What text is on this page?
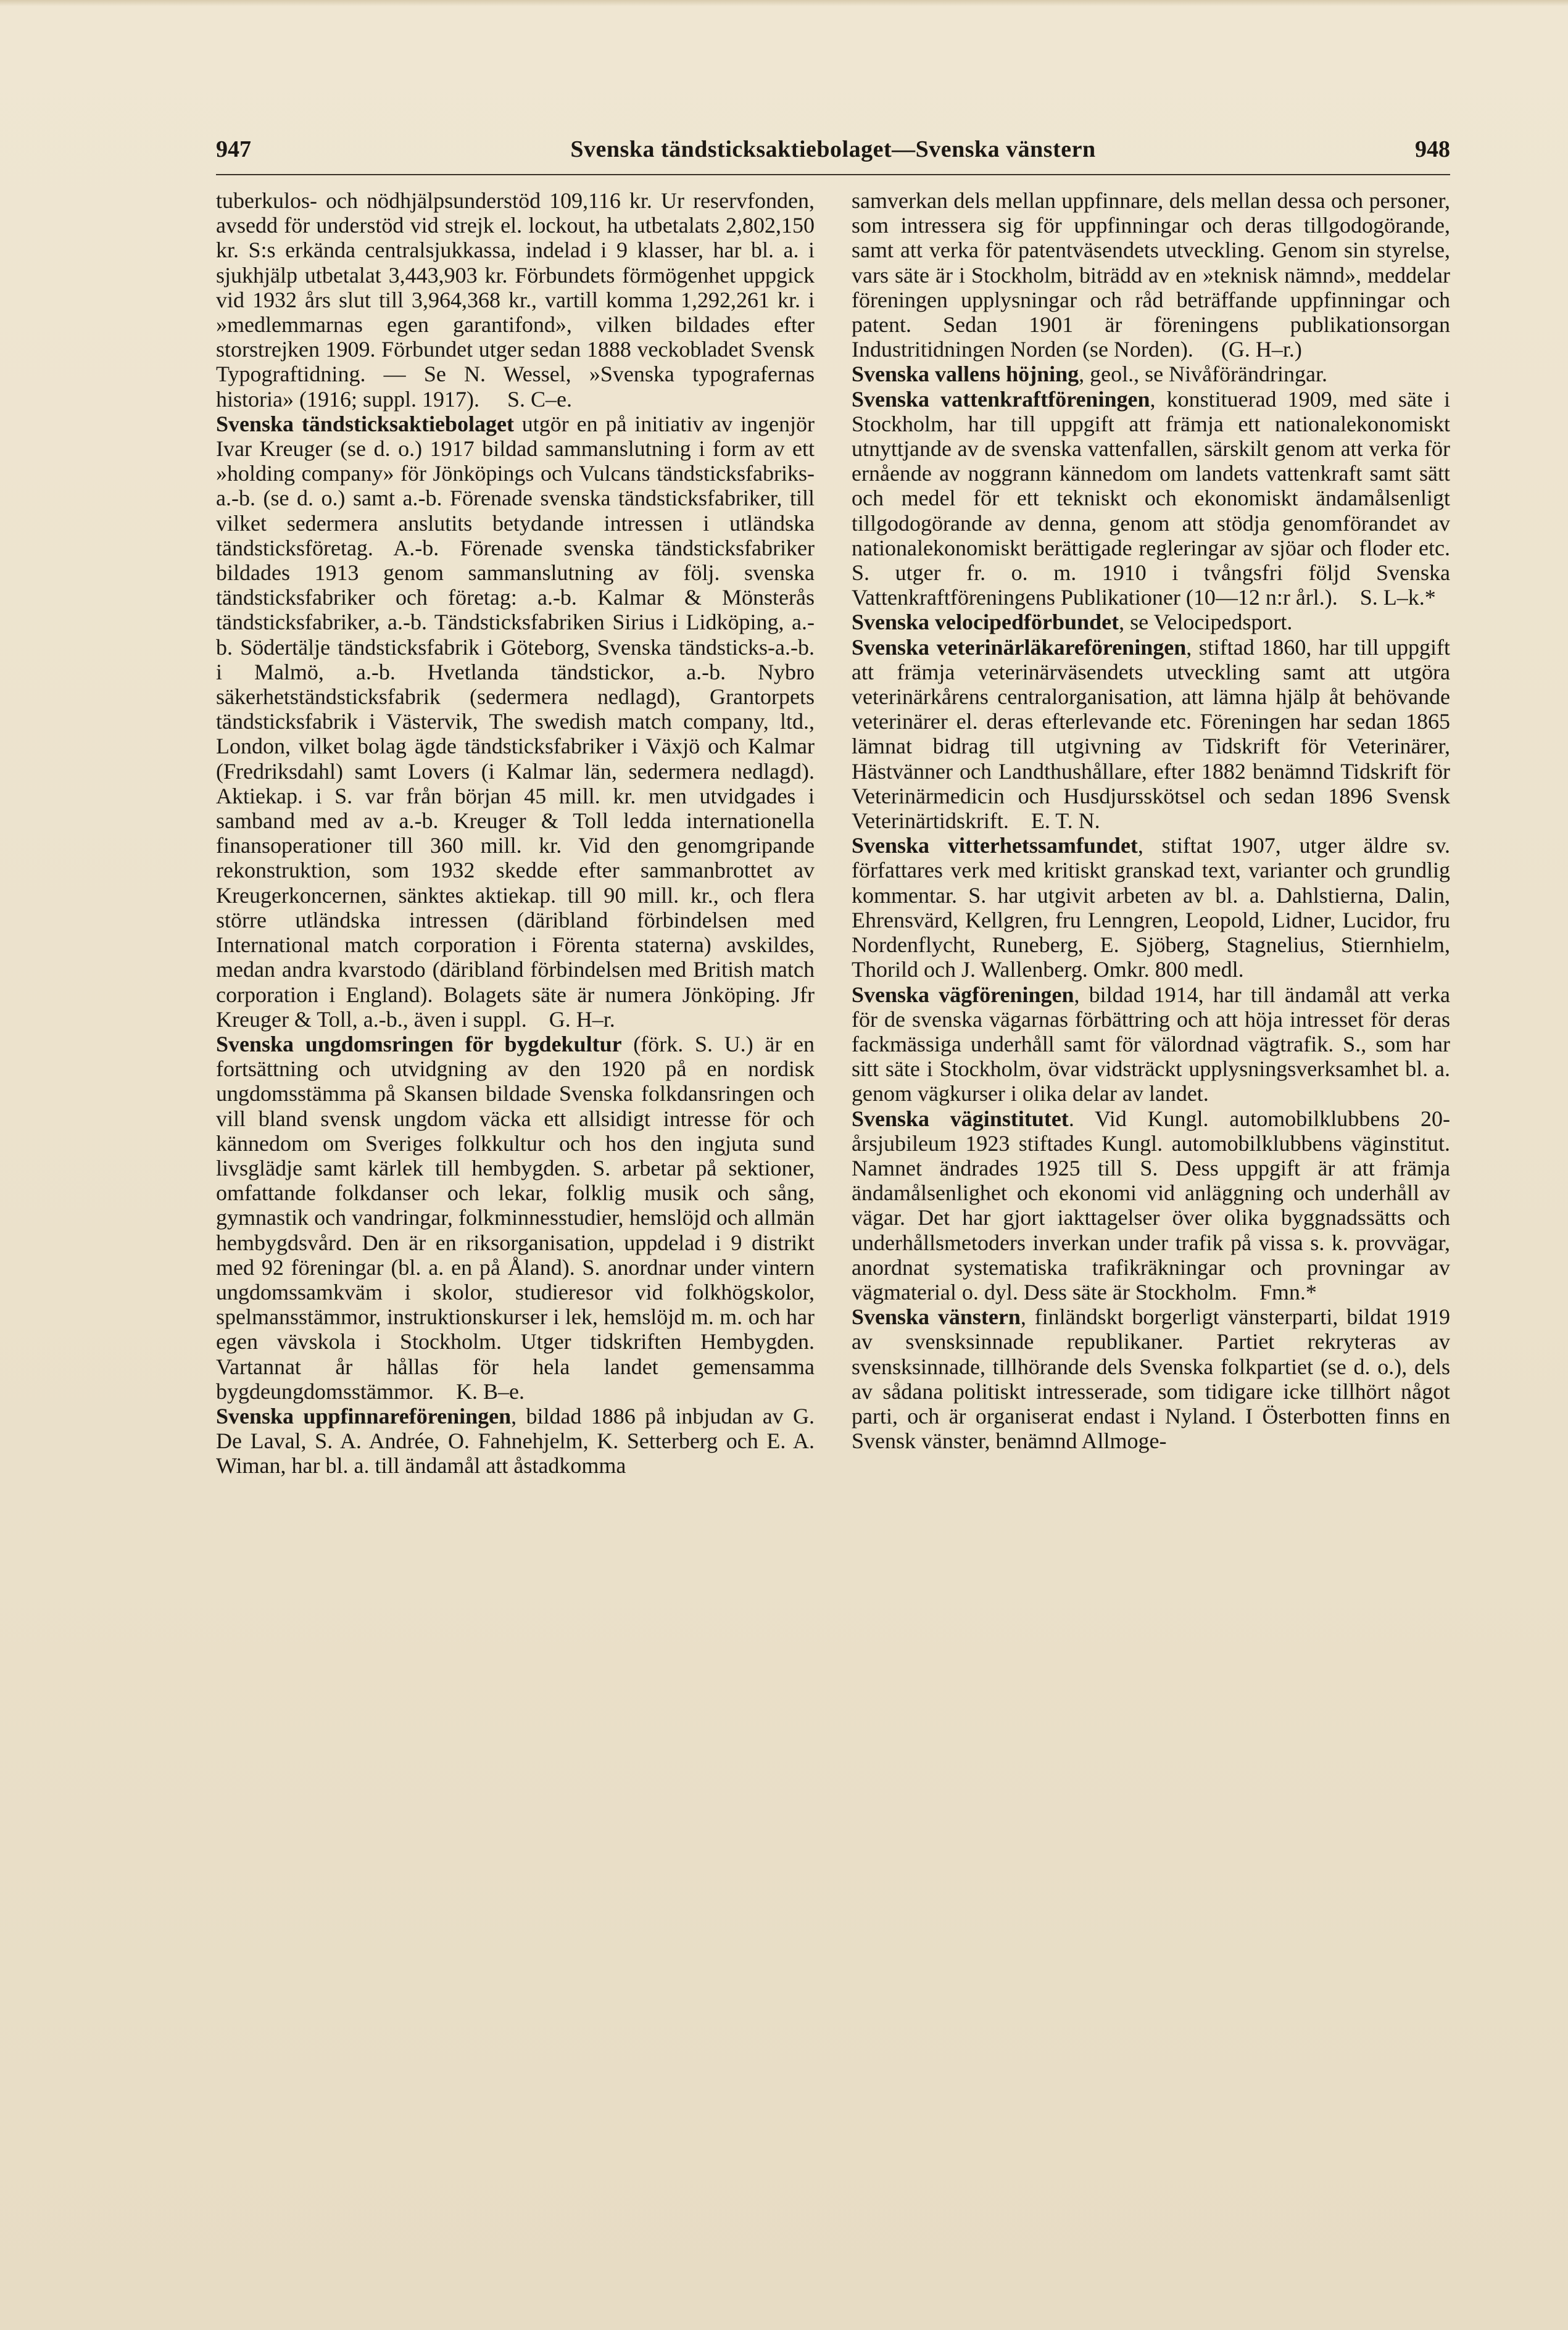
947	Svenska tändsticksaktiebolaget—Svenska vänstern	948

tuberkulos- och nödhjälpsunderstöd 109,116 kr. Ur reservfonden, avsedd för understöd vid strejk el. lockout, ha utbetalats 2,802,150 kr. S:s erkända centralsjukkassa, indelad i 9 klasser, har bl. a. i sjukhjälp utbetalat 3,443,903 kr. Förbundets förmögenhet uppgick vid 1932 års slut till 3,964,368 kr., vartill komma 1,292,261 kr. i »medlemmarnas egen garantifond», vilken bildades efter storstrejken 1909. Förbundet utger sedan 1888 veckobladet Svensk Typograftidning. — Se N. Wessel, »Svenska typografernas historia» (1916; suppl. 1917). S. C–e.

Svenska tändsticksaktiebolaget utgör en på initiativ av ingenjör Ivar Kreuger (se d. o.) 1917 bildad sammanslutning i form av ett »holding company» för Jönköpings och Vulcans tändsticksfabriks-a.-b. (se d. o.) samt a.-b. Förenade svenska tändsticksfabriker, till vilket sedermera anslutits betydande intressen i utländska tändsticksföretag. A.-b. Förenade svenska tändsticksfabriker bildades 1913 genom sammanslutning av följ. svenska tändsticksfabriker och företag: a.-b. Kalmar & Mönsterås tändsticksfabriker, a.-b. Tändsticksfabriken Sirius i Lidköping, a.-b. Södertälje tändsticksfabrik i Göteborg, Svenska tändsticks-a.-b. i Malmö, a.-b. Hvetlanda tändstickor, a.-b. Nybro säkerhetständsticksfabrik (sedermera nedlagd), Grantorpets tändsticksfabrik i Västervik, The swedish match company, ltd., London, vilket bolag ägde tändsticksfabriker i Växjö och Kalmar (Fredriksdahl) samt Lovers (i Kalmar län, sedermera nedlagd). Aktiekap. i S. var från början 45 mill. kr. men utvidgades i samband med av a.-b. Kreuger & Toll ledda internationella finansoperationer till 360 mill. kr. Vid den genomgripande rekonstruktion, som 1932 skedde efter sammanbrottet av Kreugerkoncernen, sänktes aktiekap. till 90 mill. kr., och flera större utländska intressen (däribland förbindelsen med International match corporation i Förenta staterna) avskildes, medan andra kvarstodo (däribland förbindelsen med British match corporation i England). Bolagets säte är numera Jönköping. Jfr Kreuger & Toll, a.-b., även i suppl. G. H–r.

Svenska ungdomsringen för bygdekultur (förk. S. U.) är en fortsättning och utvidgning av den 1920 på en nordisk ungdomsstämma på Skansen bildade Svenska folkdansringen och vill bland svensk ungdom väcka ett allsidigt intresse för och kännedom om Sveriges folkkultur och hos den ingjuta sund livsglädje samt kärlek till hembygden. S. arbetar på sektioner, omfattande folkdanser och lekar, folklig musik och sång, gymnastik och vandringar, folkminnesstudier, hemslöjd och allmän hembygdsvård. Den är en riksorganisation, uppdelad i 9 distrikt med 92 föreningar (bl. a. en på Åland). S. anordnar under vintern ungdomssamkväm i skolor, studieresor vid folkhögskolor, spelmansstämmor, instruktionskurser i lek, hemslöjd m. m. och har egen vävskola i Stockholm. Utger tidskriften Hembygden. Vartannat år hållas för hela landet gemensamma bygdeungdomsstämmor. K. B–e.

Svenska uppfinnareföreningen, bildad 1886 på inbjudan av G. De Laval, S. A. Andrée, O. Fahnehjelm, K. Setterberg och E. A. Wiman, har bl. a. till ändamål att åstadkomma

samverkan dels mellan uppfinnare, dels mellan dessa och personer, som intressera sig för uppfinningar och deras tillgodogörande, samt att verka för patentväsendets utveckling. Genom sin styrelse, vars säte är i Stockholm, biträdd av en »teknisk nämnd», meddelar föreningen upplysningar och råd beträffande uppfinningar och patent. Sedan 1901 är föreningens publikationsorgan Industritidningen Norden (se Norden). (G. H–r.)

Svenska vallens höjning, geol., se Nivåförändringar.

Svenska vattenkraftföreningen, konstituerad 1909, med säte i Stockholm, har till uppgift att främja ett nationalekonomiskt utnyttjande av de svenska vattenfallen, särskilt genom att verka för ernående av noggrann kännedom om landets vattenkraft samt sätt och medel för ett tekniskt och ekonomiskt ändamålsenligt tillgodogörande av denna, genom att stödja genomförandet av nationalekonomiskt berättigade regleringar av sjöar och floder etc. S. utger fr. o. m. 1910 i tvångsfri följd Svenska Vattenkraftföreningens Publikationer (10—12 n:r årl.). S. L–k.*

Svenska velocipedförbundet, se Velocipedsport.

Svenska veterinärläkareföreningen, stiftad 1860, har till uppgift att främja veterinärväsendets utveckling samt att utgöra veterinärkårens centralorganisation, att lämna hjälp åt behövande veterinärer el. deras efterlevande etc. Föreningen har sedan 1865 lämnat bidrag till utgivning av Tidskrift för Veterinärer, Hästvänner och Landthushållare, efter 1882 benämnd Tidskrift för Veterinärmedicin och Husdjursskötsel och sedan 1896 Svensk Veterinärtidskrift. E. T. N.

Svenska vitterhetssamfundet, stiftat 1907, utger äldre sv. författares verk med kritiskt granskad text, varianter och grundlig kommentar. S. har utgivit arbeten av bl. a. Dahlstierna, Dalin, Ehrensvärd, Kellgren, fru Lenngren, Leopold, Lidner, Lucidor, fru Nordenflycht, Runeberg, E. Sjöberg, Stagnelius, Stiernhielm, Thorild och J. Wallenberg. Omkr. 800 medl.

Svenska vägföreningen, bildad 1914, har till ändamål att verka för de svenska vägarnas förbättring och att höja intresset för deras fackmässiga underhåll samt för välordnad vägtrafik. S., som har sitt säte i Stockholm, övar vidsträckt upplysningsverksamhet bl. a. genom vägkurser i olika delar av landet.

Svenska väginstitutet. Vid Kungl. automobilklubbens 20-årsjubileum 1923 stiftades Kungl. automobilklubbens väginstitut. Namnet ändrades 1925 till S. Dess uppgift är att främja ändamålsenlighet och ekonomi vid anläggning och underhåll av vägar. Det har gjort iakttagelser över olika byggnadssätts och underhållsmetoders inverkan under trafik på vissa s. k. provvägar, anordnat systematiska trafikräkningar och provningar av vägmaterial o. dyl. Dess säte är Stockholm. Fmn.*

Svenska vänstern, finländskt borgerligt vänsterparti, bildat 1919 av svensksinnade republikaner. Partiet rekryteras av svensksinnade, tillhörande dels Svenska folkpartiet (se d. o.), dels av sådana politiskt intresserade, som tidigare icke tillhört något parti, och är organiserat endast i Nyland. I Österbotten finns en Svensk vänster, benämnd Allmoge-
